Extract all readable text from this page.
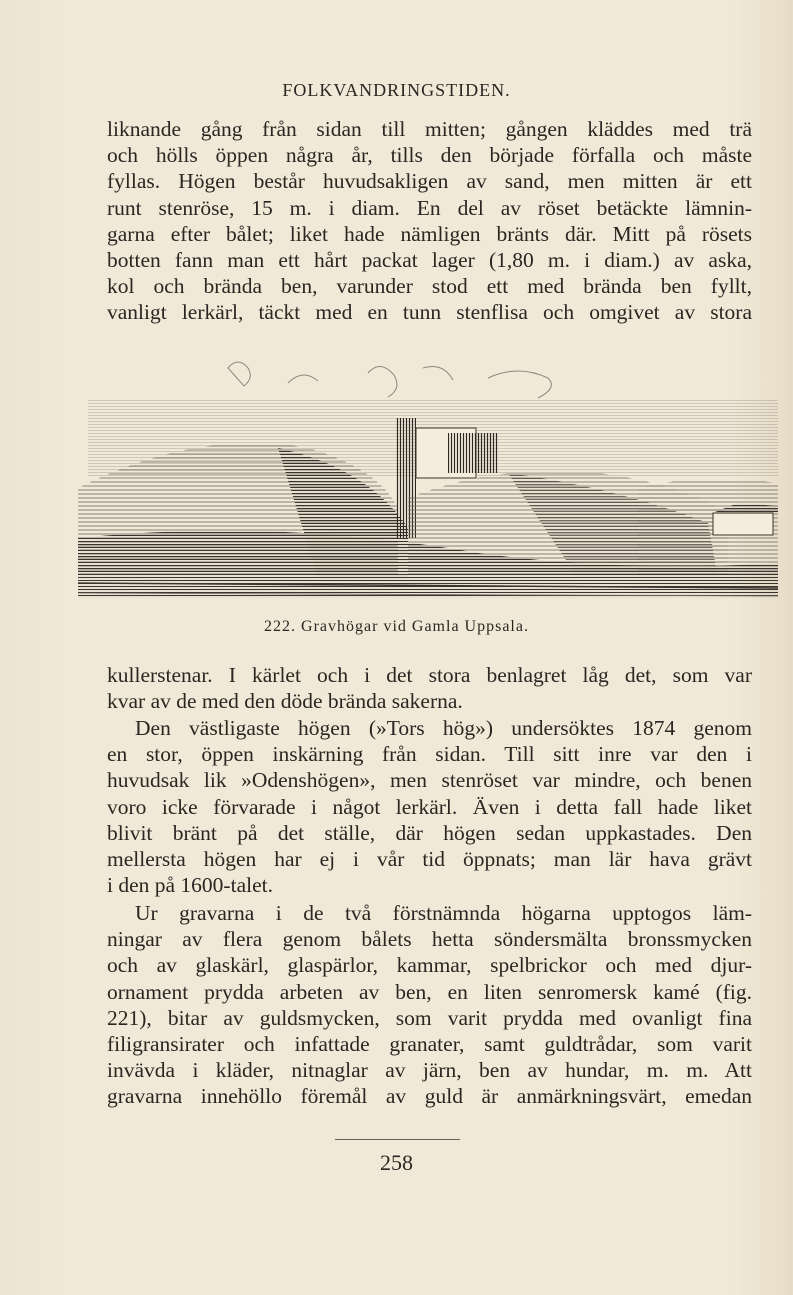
FOLKVANDRINGSTIDEN.
liknande gång från sidan till mitten; gången kläddes med trä
och hölls öppen några år, tills den började förfalla och måste
fyllas. Högen består huvudsakligen av sand, men mitten är ett
runt stenröse, 15 m. i diam. En del av röset betäckte lämnin-
garna efter bålet; liket hade nämligen bränts där. Mitt på rösets
botten fann man ett hårt packat lager (1,80 m. i diam.) av aska,
kol och brända ben, varunder stod ett med brända ben fyllt,
vanligt lerkärl, täckt med en tunn stenflisa och omgivet av stora
222. Gravhögar vid Gamla Uppsala.
kullerstenar. I kärlet och i det stora benlagret låg det, som var
kvar av de med den döde brända sakerna.
Den västligaste högen (»Tors hög») undersöktes 1874 genom
en stor, öppen inskärning från sidan. Till sitt inre var den i
huvudsak lik »Odenshögen», men stenröset var mindre, och benen
voro icke förvarade i något lerkärl. Även i detta fall hade liket
blivit bränt på det ställe, där högen sedan uppkastades. Den
mellersta högen har ej i vår tid öppnats; man lär hava grävt
i den på 1600-talet.
Ur gravarna i de två förstnämnda högarna upptogos läm-
ningar av flera genom bålets hetta söndersmälta bronssmycken
och av glaskärl, glaspärlor, kammar, spelbrickor och med djur-
ornament prydda arbeten av ben, en liten senromersk kamé (fig.
221), bitar av guldsmycken, som varit prydda med ovanligt fina
filigransirater och infattade granater, samt guldtrådar, som varit
invävda i kläder, nitnaglar av järn, ben av hundar, m. m. Att
gravarna innehöllo föremål av guld är anmärkningsvärt, emedan
258
